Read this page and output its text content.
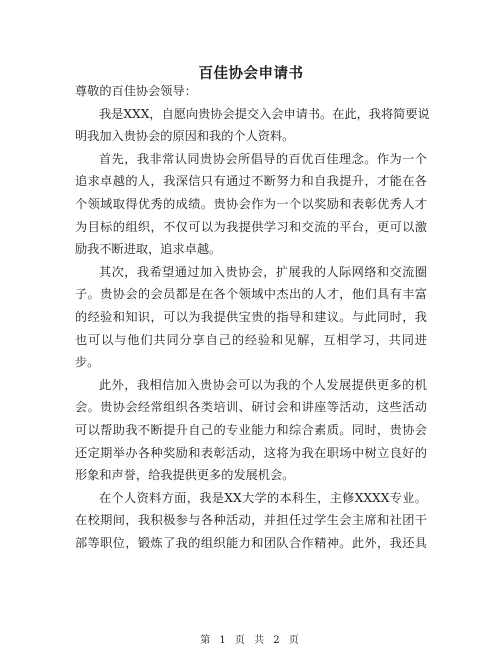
百佳协会申请书
尊敬的百佳协会领导：
我是XXX，自愿向贵协会提交入会申请书。在此，我将简要说
明我加入贵协会的原因和我的个人资料。
首先，我非常认同贵协会所倡导的百优百佳理念。作为一个
追求卓越的人，我深信只有通过不断努力和自我提升，才能在各
个领域取得优秀的成绩。贵协会作为一个以奖励和表彰优秀人才
为目标的组织，不仅可以为我提供学习和交流的平台，更可以激
励我不断进取，追求卓越。
其次，我希望通过加入贵协会，扩展我的人际网络和交流圈
子。贵协会的会员都是在各个领域中杰出的人才，他们具有丰富
的经验和知识，可以为我提供宝贵的指导和建议。与此同时，我
也可以与他们共同分享自己的经验和见解，互相学习，共同进
步。
此外，我相信加入贵协会可以为我的个人发展提供更多的机
会。贵协会经常组织各类培训、研讨会和讲座等活动，这些活动
可以帮助我不断提升自己的专业能力和综合素质。同时，贵协会
还定期举办各种奖励和表彰活动，这将为我在职场中树立良好的
形象和声誉，给我提供更多的发展机会。
在个人资料方面，我是XX大学的本科生，主修XXXX专业。
在校期间，我积极参与各种活动，并担任过学生会主席和社团干
部等职位，锻炼了我的组织能力和团队合作精神。此外，我还具
第 1 页 共 2 页
